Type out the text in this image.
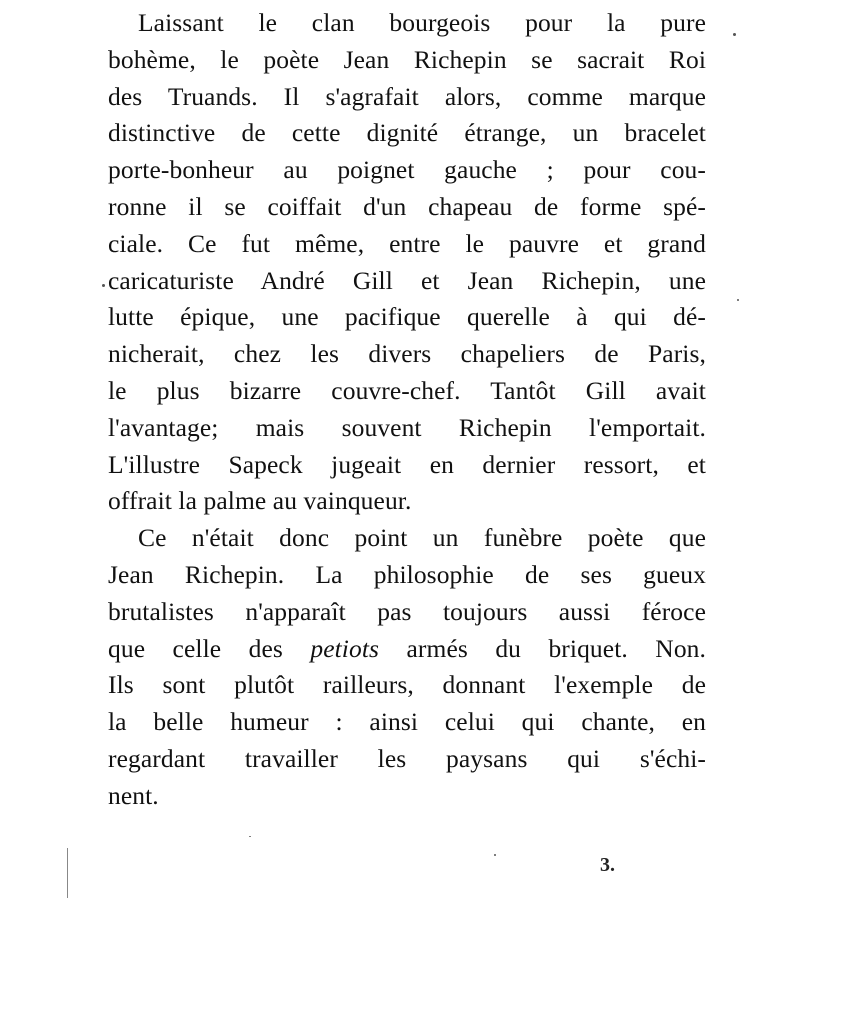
Laissant le clan bourgeois pour la pure
bohème, le poète Jean Richepin se sacrait Roi
des Truands. Il s'agrafait alors, comme marque
distinctive de cette dignité étrange, un bracelet
porte-bonheur au poignet gauche ; pour cou-
ronne il se coiffait d'un chapeau de forme spé-
ciale. Ce fut même, entre le pauvre et grand
caricaturiste André Gill et Jean Richepin, une
lutte épique, une pacifique querelle à qui dé-
nicherait, chez les divers chapeliers de Paris,
le plus bizarre couvre-chef. Tantôt Gill avait
l'avantage; mais souvent Richepin l'emportait.
L'illustre Sapeck jugeait en dernier ressort, et
offrait la palme au vainqueur.
Ce n'était donc point un funèbre poète que
Jean Richepin. La philosophie de ses gueux
brutalistes n'apparaît pas toujours aussi féroce
que celle des petiots armés du briquet. Non.
Ils sont plutôt railleurs, donnant l'exemple de
la belle humeur : ainsi celui qui chante, en
regardant travailler les paysans qui s'échi-
nent.
3.
